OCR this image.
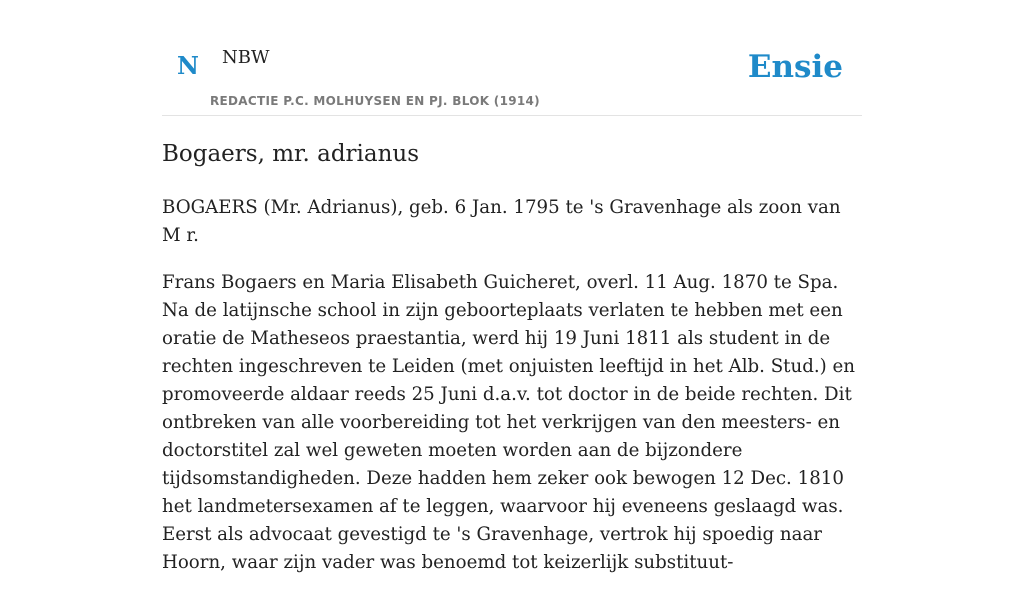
N NBW
REDACTIE P.C. MOLHUYSEN EN PJ. BLOK (1914)
Ensie
Bogaers, mr. adrianus

BOGAERS (Mr. Adrianus), geb. 6 Jan. 1795 te 's Gravenhage als zoon van M r.

Frans Bogaers en Maria Elisabeth Guicheret, overl. 11 Aug. 1870 te Spa. Na de latijnsche school in zijn geboorteplaats verlaten te hebben met een oratie de Matheseos praestantia, werd hij 19 Juni 1811 als student in de rechten ingeschreven te Leiden (met onjuisten leeftijd in het Alb. Stud.) en promoveerde aldaar reeds 25 Juni d.a.v. tot doctor in de beide rechten. Dit ontbreken van alle voorbereiding tot het verkrijgen van den meesters- en doctorstitel zal wel geweten moeten worden aan de bijzondere tijdsomstandigheden. Deze hadden hem zeker ook bewogen 12 Dec. 1810 het landmetersexamen af te leggen, waarvoor hij eveneens geslaagd was. Eerst als advocaat gevestigd te 's Gravenhage, vertrok hij spoedig naar Hoorn, waar zijn vader was benoemd tot keizerlijk substituut-
